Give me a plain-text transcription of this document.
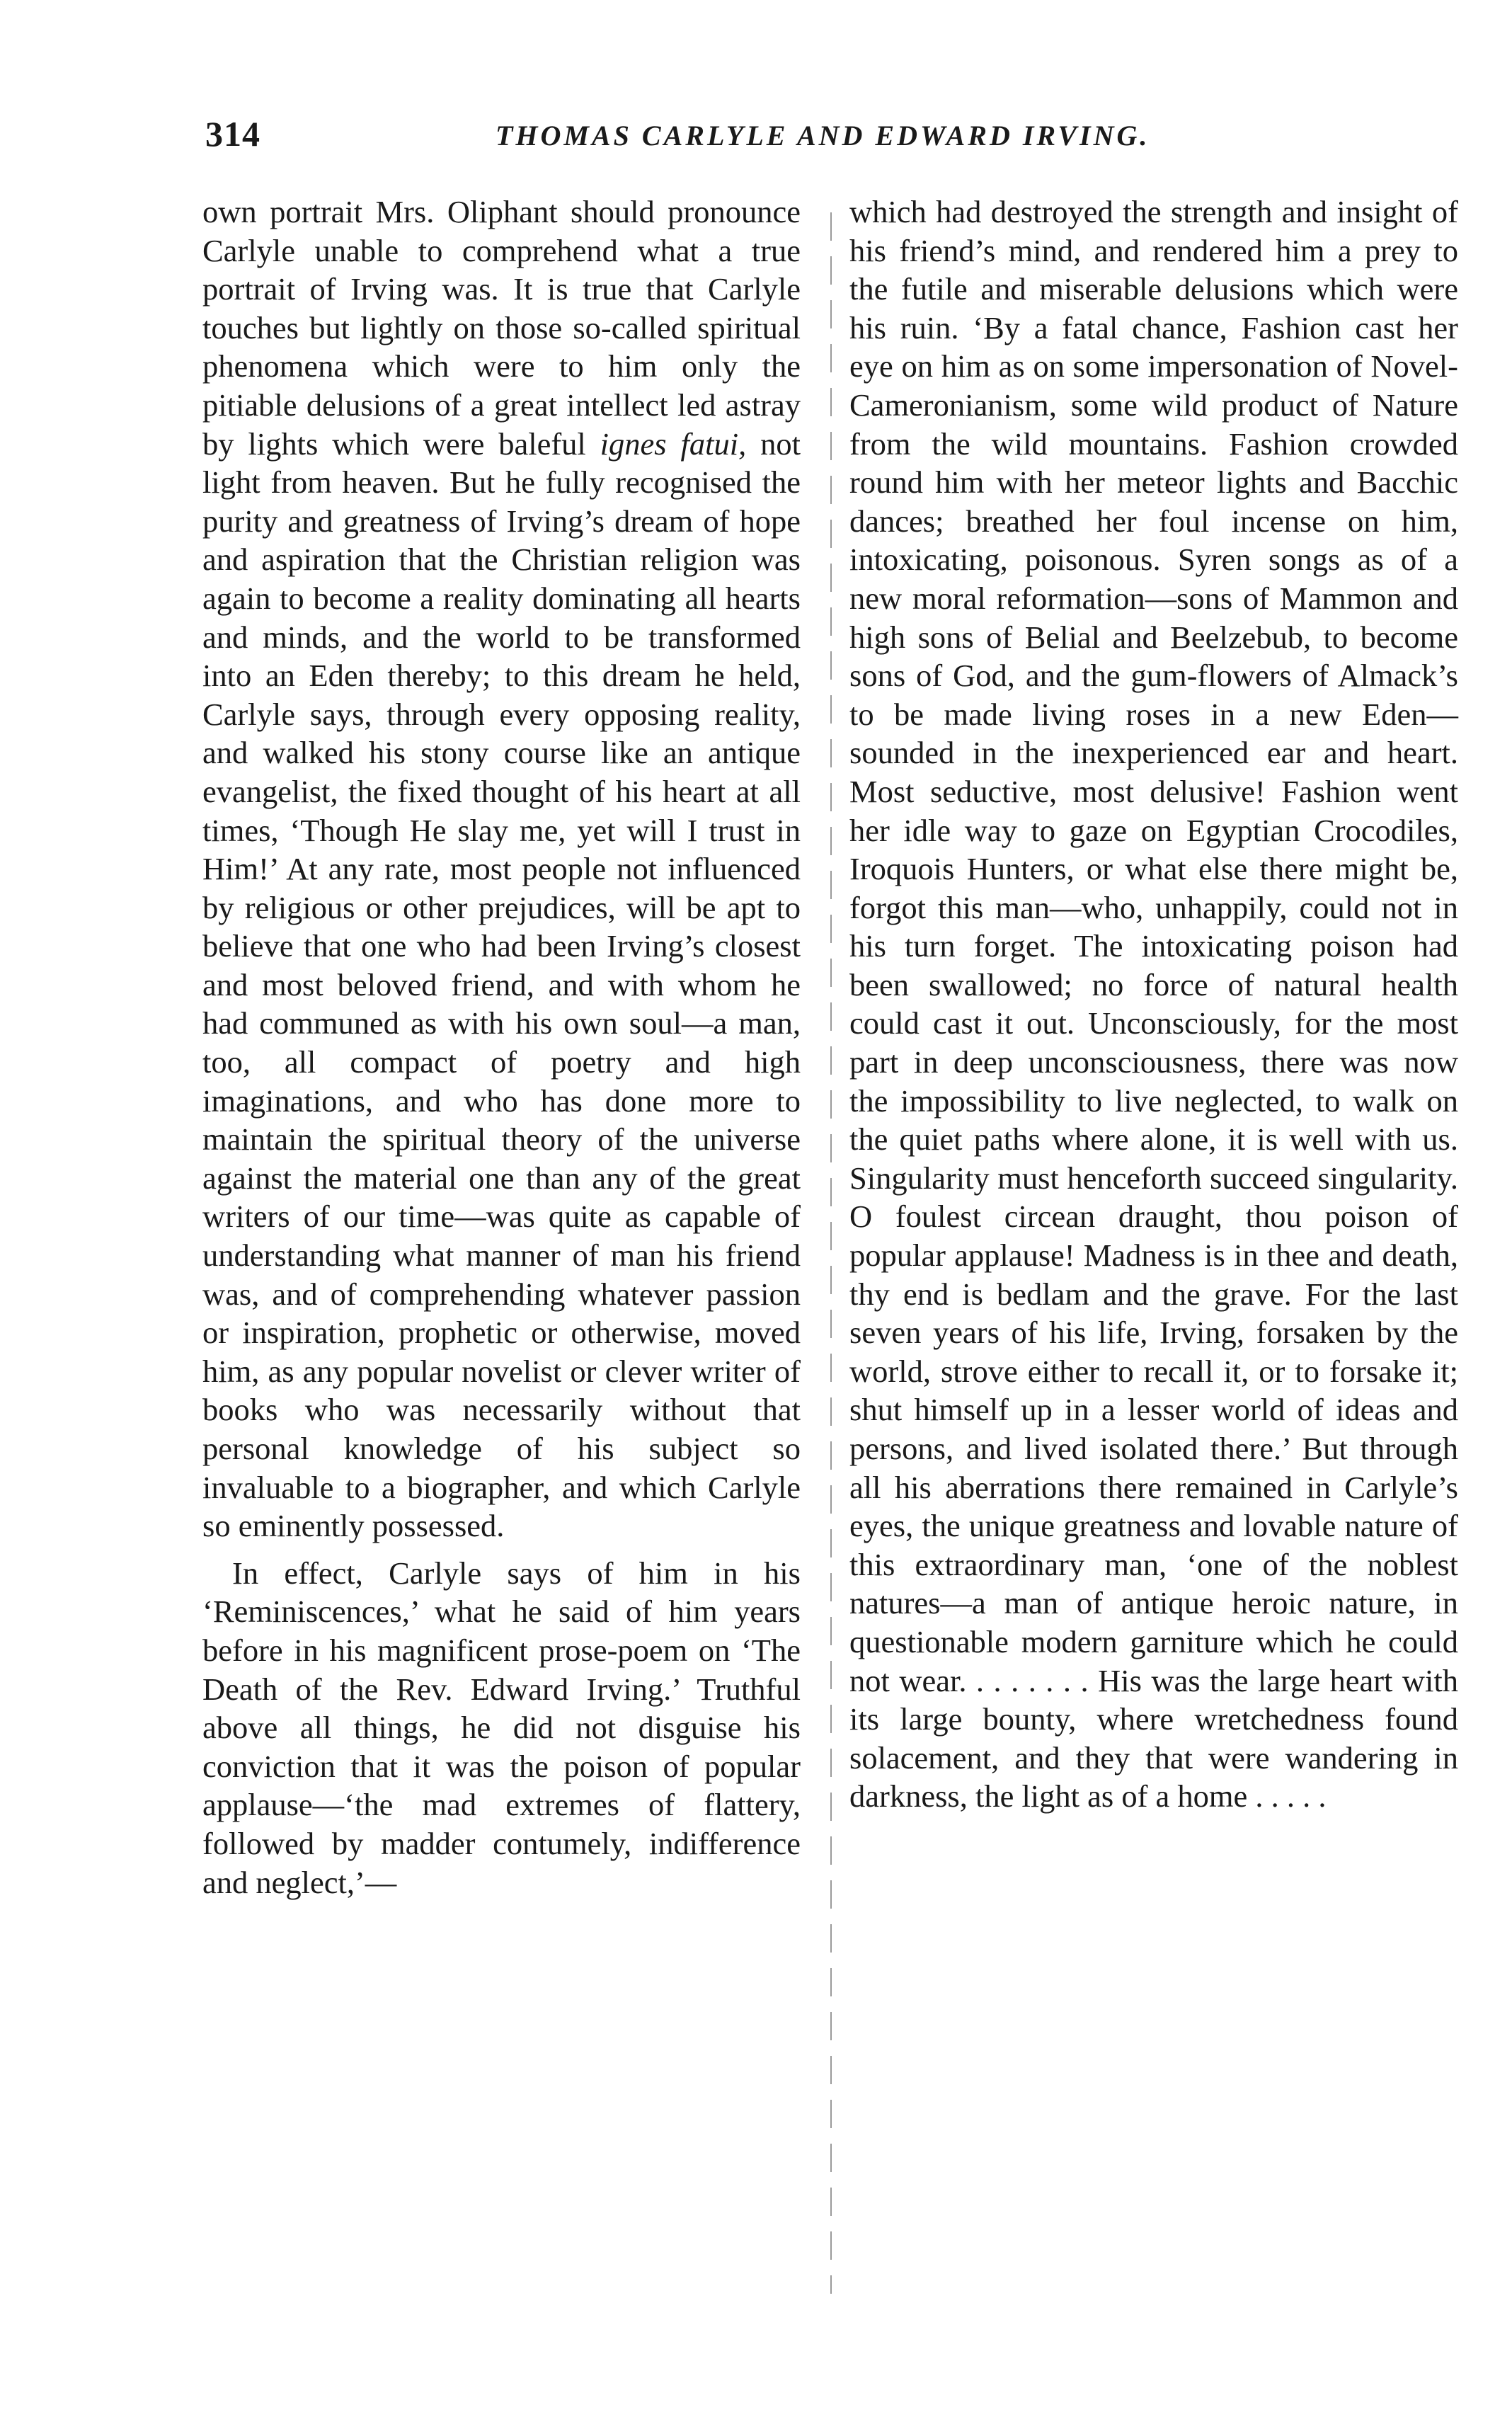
314	THOMAS CARLYLE AND EDWARD IRVING.

own portrait Mrs. Oliphant should pronounce Carlyle unable to comprehend what a true portrait of Irving was. It is true that Carlyle touches but lightly on those so-called spiritual phenomena which were to him only the pitiable delusions of a great intellect led astray by lights which were baleful ignes fatui, not light from heaven. But he fully recognised the purity and greatness of Irving’s dream of hope and aspiration that the Christian religion was again to become a reality dominating all hearts and minds, and the world to be transformed into an Eden thereby; to this dream he held, Carlyle says, through every opposing reality, and walked his stony course like an antique evangelist, the fixed thought of his heart at all times, ‘Though He slay me, yet will I trust in Him!’ At any rate, most people not influenced by religious or other prejudices, will be apt to believe that one who had been Irving’s closest and most beloved friend, and with whom he had communed as with his own soul—a man, too, all compact of poetry and high imaginations, and who has done more to maintain the spiritual theory of the universe against the material one than any of the great writers of our time—was quite as capable of understanding what manner of man his friend was, and of comprehending whatever passion or inspiration, prophetic or otherwise, moved him, as any popular novelist or clever writer of books who was necessarily without that personal knowledge of his subject so invaluable to a biographer, and which Carlyle so eminently possessed.

In effect, Carlyle says of him in his ‘Reminiscences,’ what he said of him years before in his magnificent prose-poem on ‘The Death of the Rev. Edward Irving.’ Truthful above all things, he did not disguise his conviction that it was the poison of popular applause—‘the mad extremes of flattery, followed by madder contumely, indifference and neglect,’—

which had destroyed the strength and insight of his friend’s mind, and rendered him a prey to the futile and miserable delusions which were his ruin. ‘By a fatal chance, Fashion cast her eye on him as on some impersonation of Novel-Cameronianism, some wild product of Nature from the wild mountains. Fashion crowded round him with her meteor lights and Bacchic dances; breathed her foul incense on him, intoxicating, poisonous. Syren songs as of a new moral reformation—sons of Mammon and high sons of Belial and Beelzebub, to become sons of God, and the gum-flowers of Almack’s to be made living roses in a new Eden—sounded in the inexperienced ear and heart. Most seductive, most delusive! Fashion went her idle way to gaze on Egyptian Crocodiles, Iroquois Hunters, or what else there might be, forgot this man—who, unhappily, could not in his turn forget. The intoxicating poison had been swallowed; no force of natural health could cast it out. Unconsciously, for the most part in deep unconsciousness, there was now the impossibility to live neglected, to walk on the quiet paths where alone, it is well with us. Singularity must henceforth succeed singularity. O foulest circean draught, thou poison of popular applause! Madness is in thee and death, thy end is bedlam and the grave. For the last seven years of his life, Irving, forsaken by the world, strove either to recall it, or to forsake it; shut himself up in a lesser world of ideas and persons, and lived isolated there.’ But through all his aberrations there remained in Carlyle’s eyes, the unique greatness and lovable nature of this extraordinary man, ‘one of the noblest natures—a man of antique heroic nature, in questionable modern garniture which he could not wear. . . . . . . . His was the large heart with its large bounty, where wretchedness found solacement, and they that were wandering in darkness, the light as of a home . . . . .
